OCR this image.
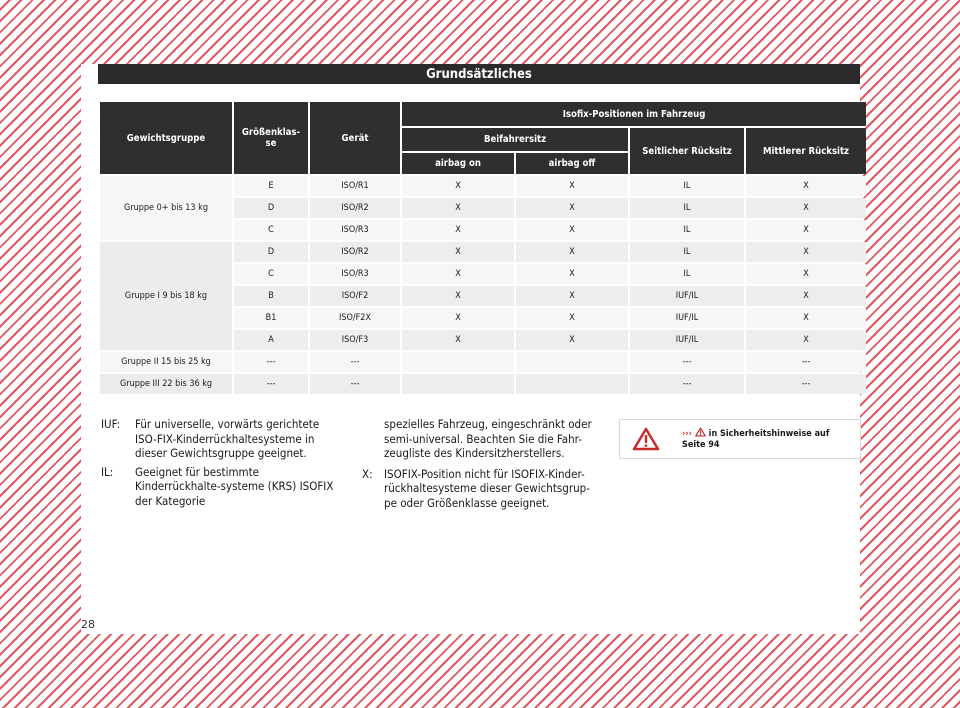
Grundsätzliches
Gewichtsgruppe	Größenklas-
se	Gerät	Isofix-Positionen im Fahrzeug			
			Beifahrersitz		Seitlicher Rücksitz	Mittlerer Rücksitz
			airbag on	airbag off		
Gruppe 0+ bis 13 kg	E	ISO/R1	X	X	IL	X
	D	ISO/R2	X	X	IL	X
	C	ISO/R3	X	X	IL	X
Gruppe I 9 bis 18 kg	D	ISO/R2	X	X	IL	X
	C	ISO/R3	X	X	IL	X
	B	ISO/F2	X	X	IUF/IL	X
	B1	ISO/F2X	X	X	IUF/IL	X
	A	ISO/F3	X	X	IUF/IL	X
Gruppe II 15 bis 25 kg	---	---			---	---
Gruppe III 22 bis 36 kg	---	---			---	---
IUF: Für universelle, vorwärts gerichtete ISO-FIX-Kinderrückhaltesysteme in dieser Gewichtsgruppe geeignet.
IL: Geeignet für bestimmte Kinderrückhalte-systeme (KRS) ISOFIX der Kategorie
spezielles Fahrzeug, eingeschränkt oder semi-universal. Beachten Sie die Fahr-zeugliste des Kindersitzherstellers.
X: ISOFIX-Position nicht für ISOFIX-Kinder-rückhaltesysteme dieser Gewichtsgrup-pe oder Größenklasse geeignet.
››› in Sicherheitshinweise auf
Seite 94
28
